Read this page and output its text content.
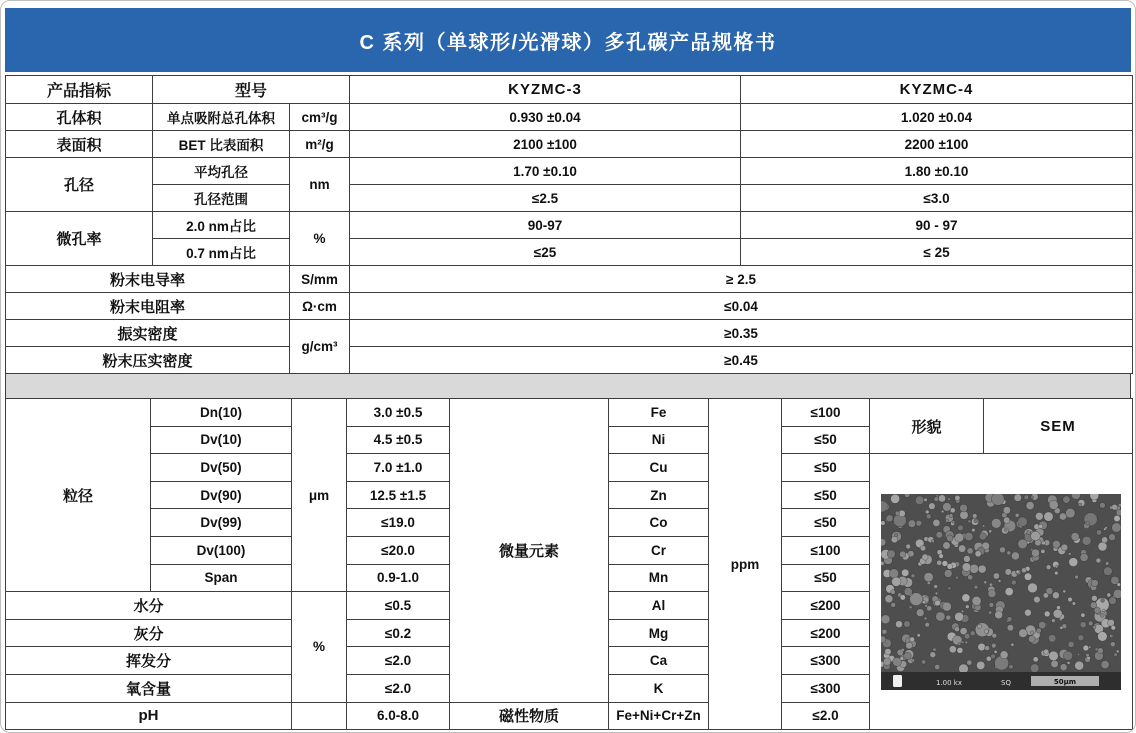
C 系列（单球形/光滑球）多孔碳产品规格书
产品指标	型号		KYZMC-3	KYZMC-4
孔体积	单点吸附总孔体积	cm³/g	0.930 ±0.04	1.020 ±0.04
表面积	BET 比表面积	m²/g	2100 ±100	2200 ±100
孔径	平均孔径	nm	1.70 ±0.10	1.80 ±0.10
	孔径范围		≤2.5	≤3.0
微孔率	2.0 nm占比	%	90-97	90 - 97
	0.7 nm占比		≤25	≤ 25
粉末电导率		S/mm	≥ 2.5	
粉末电阻率		Ω·cm	≤0.04	
振实密度		g/cm³	≥0.35	
粉末压实密度			≥0.45	
粒径	Dn(10)	μm	3.0 ±0.5	微量元素	Fe	ppm	≤100	形貌	SEM
	Dv(10)		4.5 ±0.5		Ni		≤50		
	Dv(50)		7.0 ±1.0		Cu		≤50	1.00 kx SQ 50μm	

	Dv(90)		12.5 ±1.5		Zn		≤50		
	Dv(99)		≤19.0		Co		≤50		
	Dv(100)		≤20.0		Cr		≤100		
	Span		0.9-1.0		Mn		≤50		
水分		%	≤0.5		Al		≤200		
灰分			≤0.2		Mg		≤200		
挥发分			≤2.0		Ca		≤300		
氧含量			≤2.0		K		≤300		
pH			6.0-8.0	磁性物质	Fe+Ni+Cr+Zn		≤2.0		
